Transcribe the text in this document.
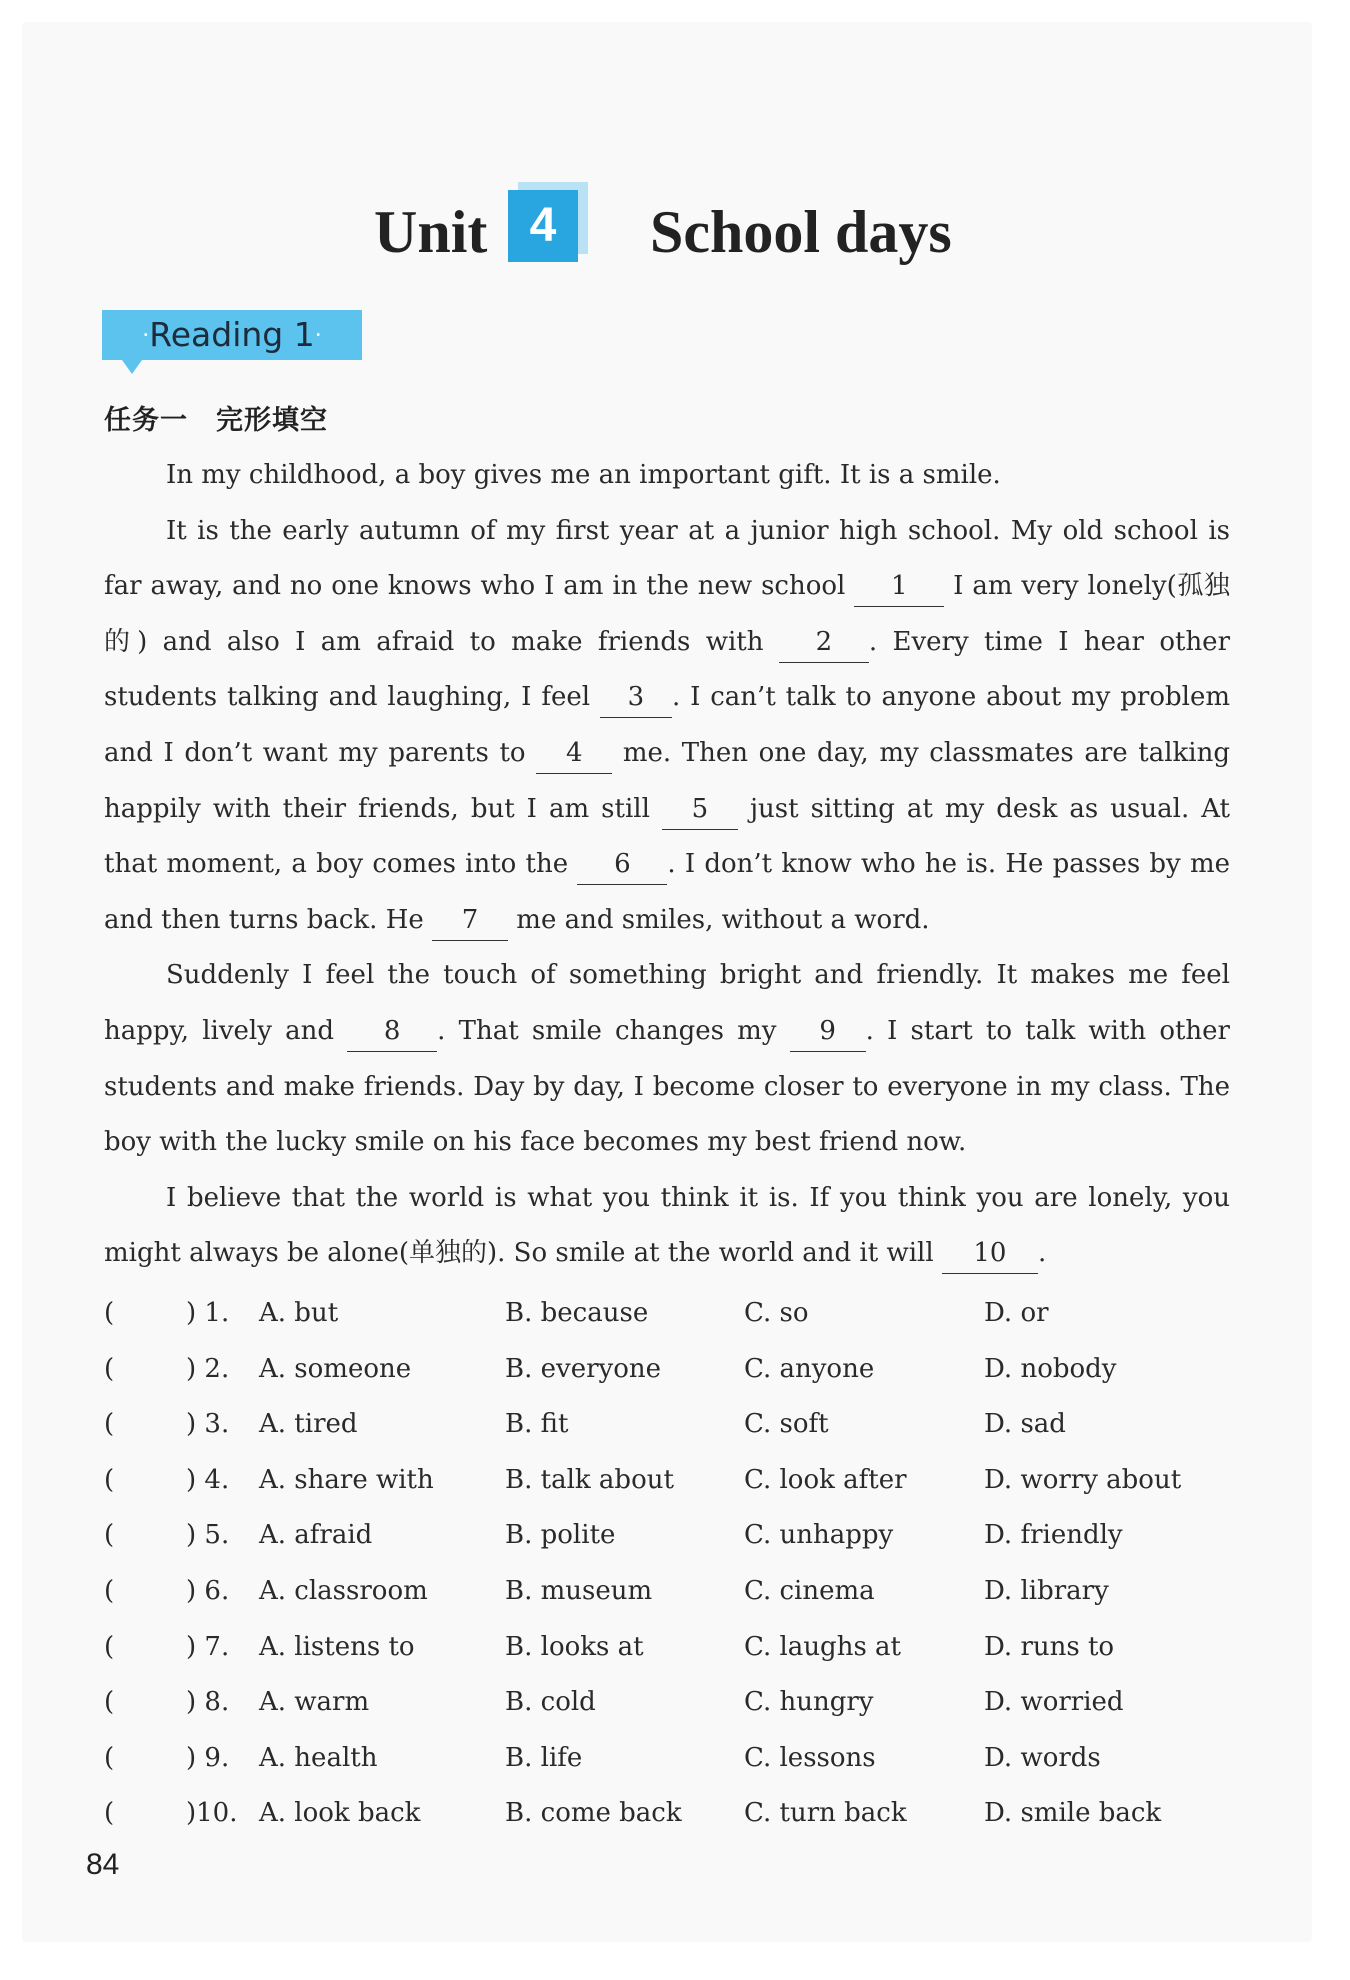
Unit 4	School days
·Reading 1·
任务一 完形填空

In my childhood, a boy gives me an important gift. It is a smile.

It is the early autumn of my first year at a junior high school. My old school is far away, and no one knows who I am in the new school 1 I am very lonely(孤独的) and also I am afraid to make friends with 2 . Every time I hear other students talking and laughing, I feel 3 . I can’t talk to anyone about my problem and I don’t want my parents to 4 me. Then one day, my classmates are talking happily with their friends, but I am still 5 just sitting at my desk as usual. At that moment, a boy comes into the 6 . I don’t know who he is. He passes by me and then turns back. He 7 me and smiles, without a word.

Suddenly I feel the touch of something bright and friendly. It makes me feel happy, lively and 8 . That smile changes my 9 . I start to talk with other students and make friends. Day by day, I become closer to everyone in my class. The boy with the lucky smile on his face becomes my best friend now.

I believe that the world is what you think it is. If you think you are lonely, you might always be alone(单独的). So smile at the world and it will 10 .

(	) 1. A. but	B. because	C. so	D. or
(	) 2. A. someone	B. everyone	C. anyone	D. nobody
(	) 3. A. tired	B. fit	C. soft	D. sad
(	) 4. A. share with	B. talk about	C. look after	D. worry about
(	) 5. A. afraid	B. polite	C. unhappy	D. friendly
(	) 6. A. classroom	B. museum	C. cinema	D. library
(	) 7. A. listens to	B. looks at	C. laughs at	D. runs to
(	) 8. A. warm	B. cold	C. hungry	D. worried
(	) 9. A. health	B. life	C. lessons	D. words
(	)10. A. look back	B. come back C. turn back	D. smile back
84
